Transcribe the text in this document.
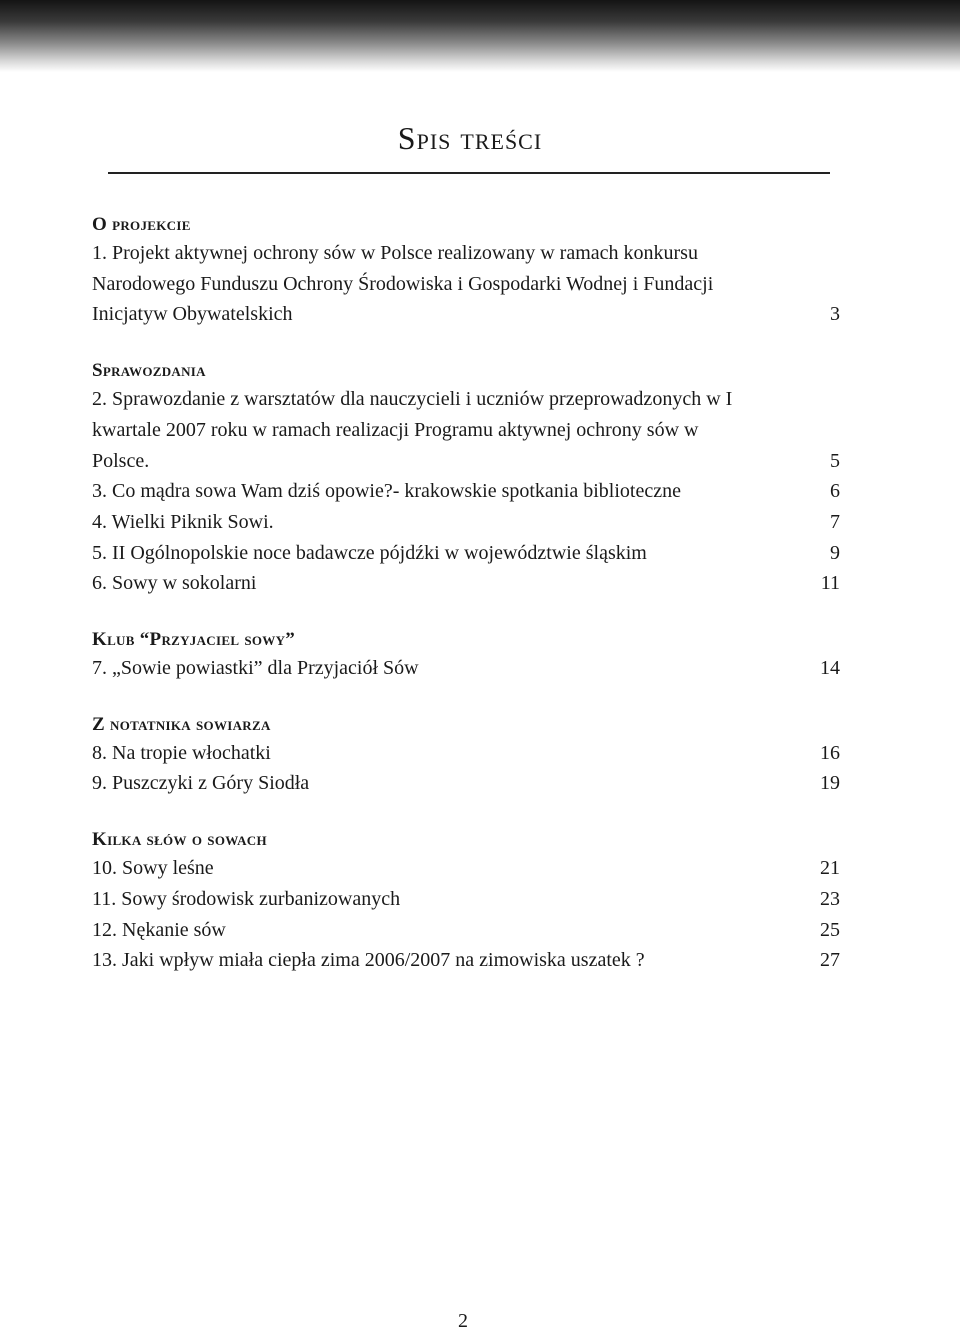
Spis treści
O projekcie
1. Projekt aktywnej ochrony sów w Polsce realizowany w ramach konkursu Narodowego Funduszu Ochrony Środowiska i Gospodarki Wodnej i Fundacji Inicjatyw Obywatelskich	3
Sprawozdania
2. Sprawozdanie z warsztatów dla nauczycieli i uczniów przeprowadzonych w I kwartale 2007 roku w ramach realizacji Programu aktywnej ochrony sów w Polsce.	5
3. Co mądra sowa Wam dziś opowie?- krakowskie spotkania biblioteczne	6
4. Wielki Piknik Sowi.	7
5. II Ogólnopolskie noce badawcze pójdźki w województwie śląskim	9
6. Sowy w sokolarni	11
Klub “Przyjaciel sowy”
7. „Sowie powiastki” dla Przyjaciół Sów	14
Z notatnika sowiarza
8. Na tropie włochatki	16
9. Puszczyki z Góry Siodła	19
Kilka słów o sowach
10. Sowy leśne	21
11. Sowy środowisk zurbanizowanych	23
12. Nękanie sów	25
13. Jaki wpływ miała ciepła zima 2006/2007 na zimowiska uszatek ?	27
2
